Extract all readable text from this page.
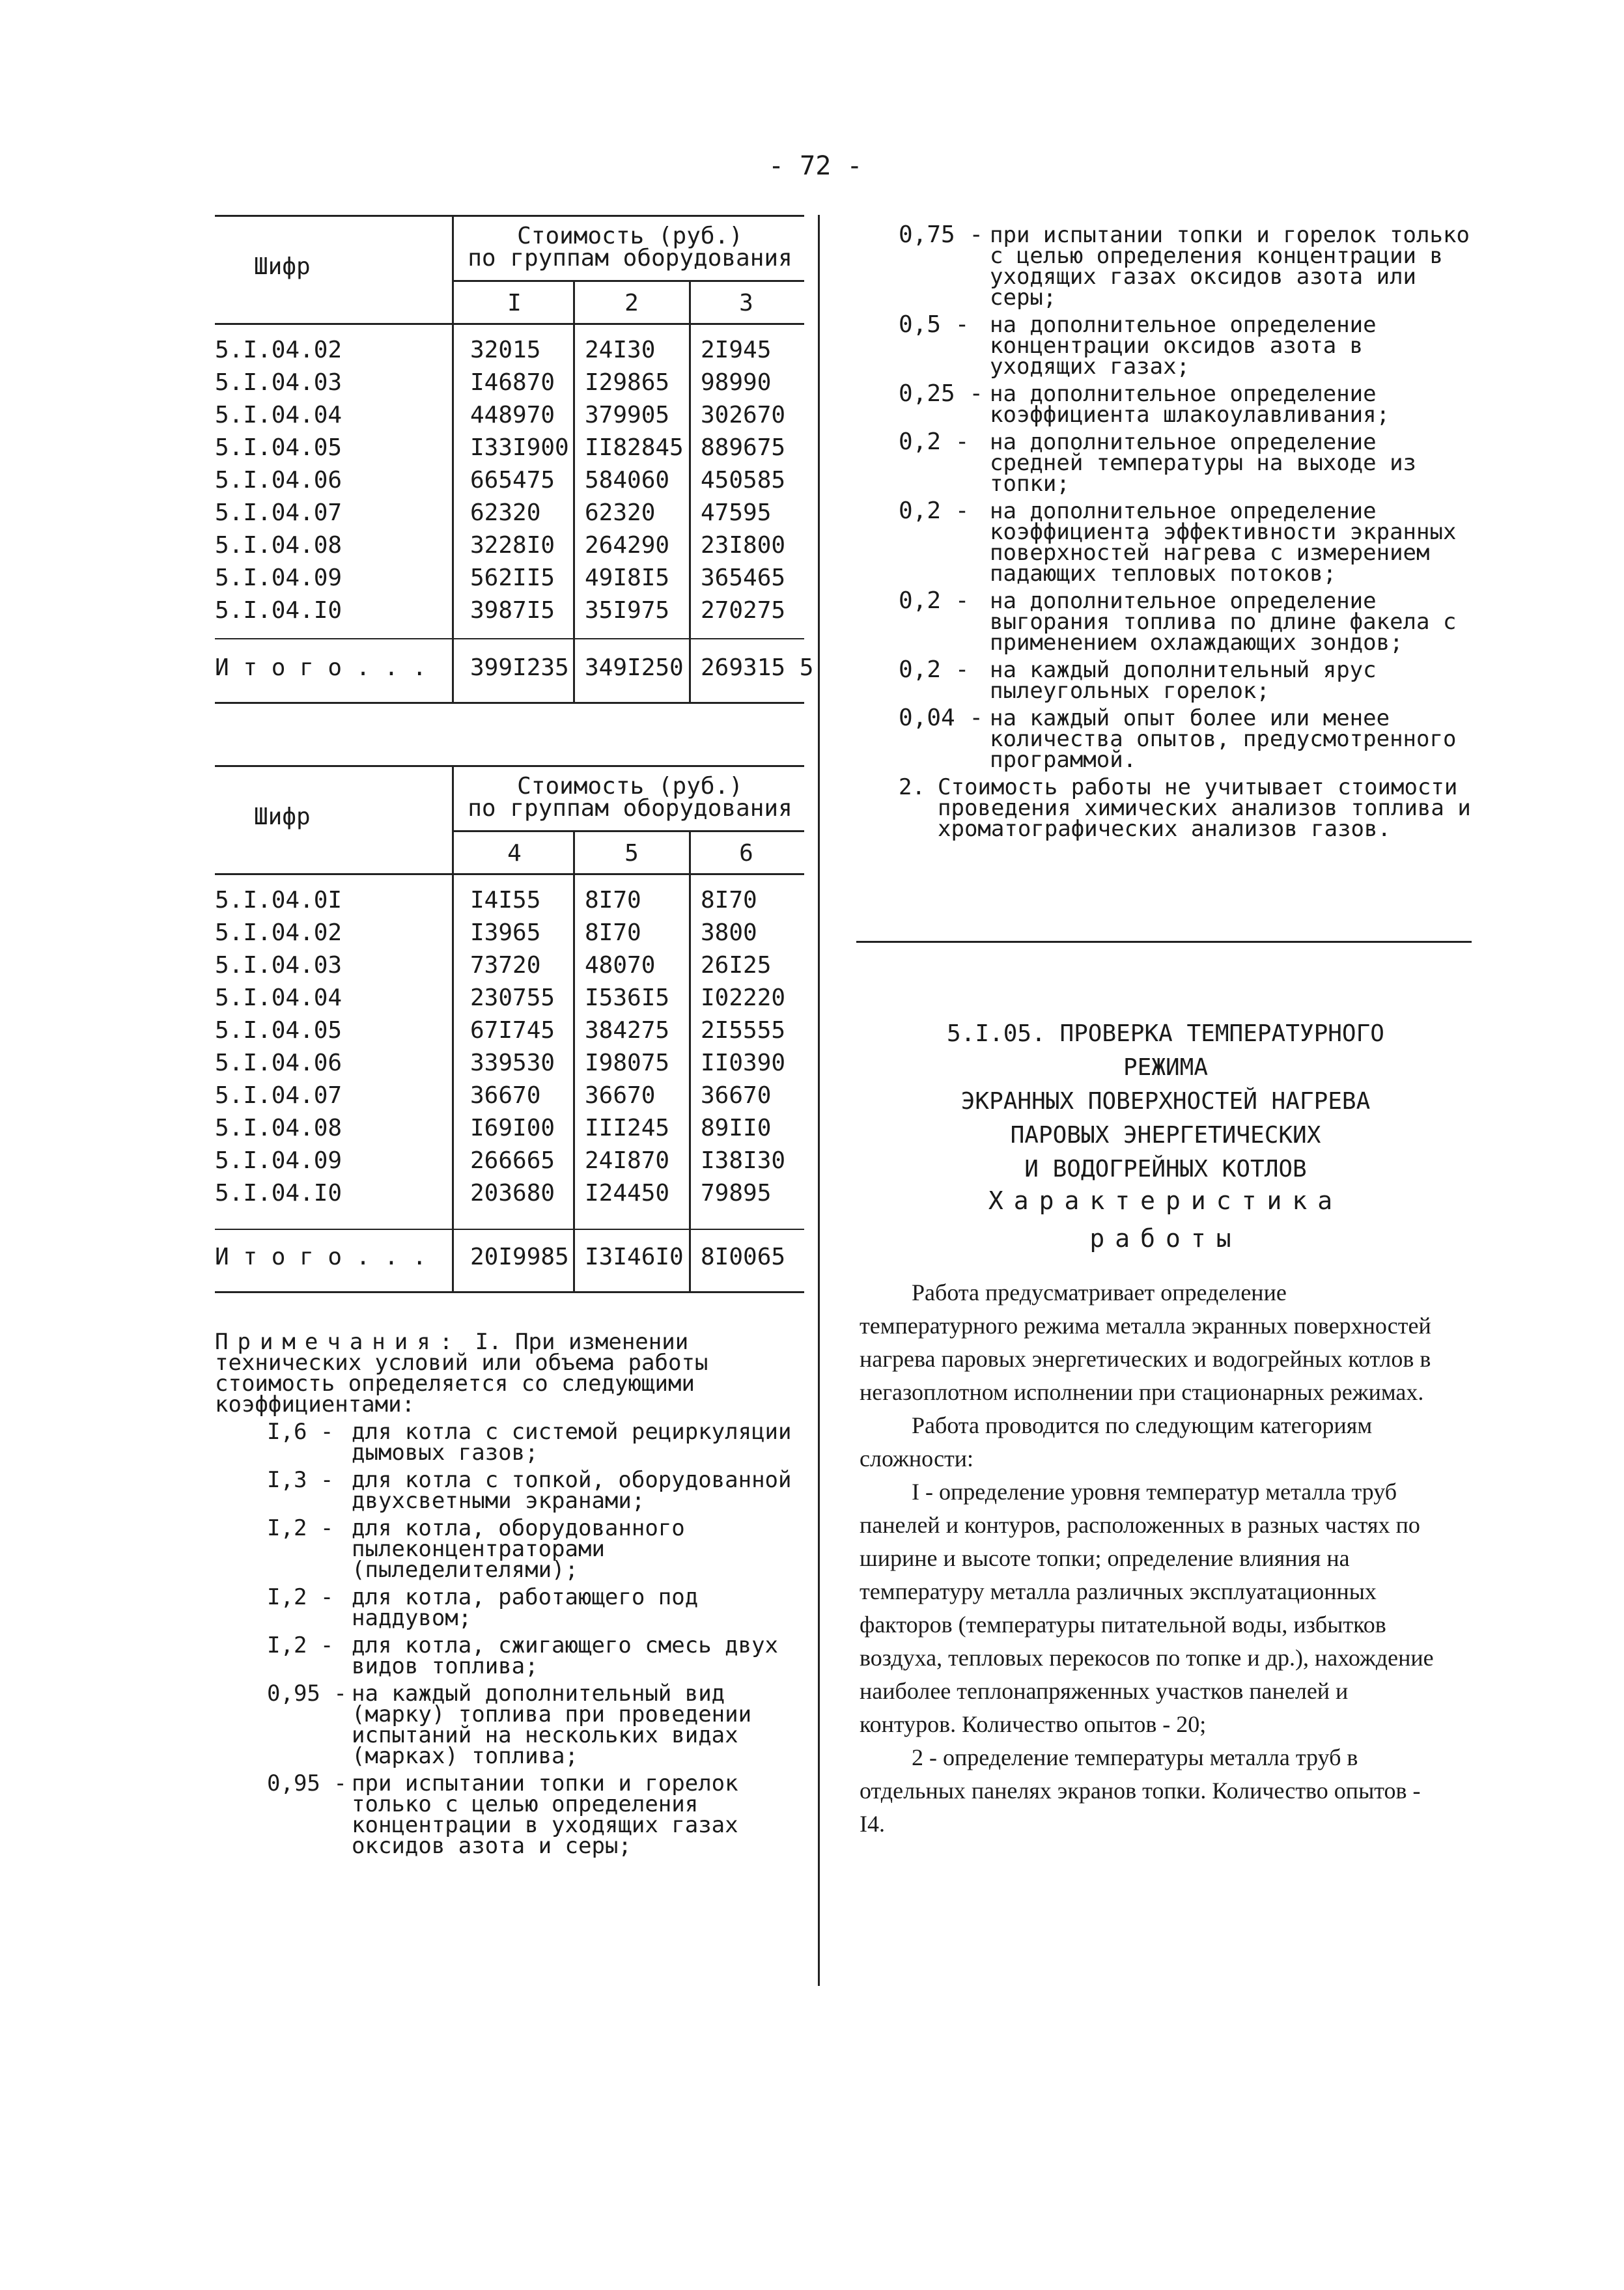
- 72 -
Шифр
Стоимость (руб.)
по группам оборудования
I	2	3
5.I.04.02	32015 24I30 2I945
5.I.04.03	I46870 I29865 98990
5.I.04.04	448970 379905 302670
5.I.04.05	I33I900 II82845 889675
5.I.04.06	665475 584060 450585
5.I.04.07	62320 62320 47595
5.I.04.08	3228I0 264290 23I800
5.I.04.09	562II5 49I8I5 365465
5.I.04.I0	3987I5 35I975 270275
И т о г о . . . 399I235 349I250 269315 5
Шифр
Стоимость (руб.)
по группам оборудования
4	5	6
5.I.04.0I	I4I55 8I70	8I70
5.I.04.02	I3965 8I70	3800
5.I.04.03	73720 48070 26I25
5.I.04.04	230755 I536I5 I02220
5.I.04.05	67I745 384275 2I5555
5.I.04.06	339530 I98075 II0390
5.I.04.07	36670 36670 36670
5.I.04.08	I69I00 III245 89II0
5.I.04.09	266665 24I870 I38I30
5.I.04.I0	203680 I24450 79895
И т о г о . . . 20I9985 I3I46I0 8I0065
Примечания: I. При изменении технических условий или объема работы стоимость определяется со следующими коэффициентами:
I,6 - для котла с системой рециркуляции дымовых газов;
I,3 - для котла с топкой, оборудованной двухсветными экранами;
I,2 - для котла, оборудованного пылеконцентраторами (пыледелителями);
I,2 - для котла, работающего под наддувом;
I,2 - для котла, сжигающего смесь двух видов топлива;
0,95 - на каждый дополнительный вид (марку) топлива при проведении испытаний на нескольких видах (марках) топлива;
0,95 - при испытании топки и горелок только с целью определения концентрации в уходящих газах оксидов азота и серы;
0,75 - при испытании топки и горелок только с целью определения концентрации в уходящих газах оксидов азота или серы;
0,5 - на дополнительное определение концентрации оксидов азота в уходящих газах;
0,25 - на дополнительное определение коэффициента шлакоулавливания;
0,2 - на дополнительное определение средней температуры на выходе из топки;
0,2 - на дополнительное определение коэффициента эффективности экранных поверхностей нагрева с измерением падающих тепловых потоков;
0,2 - на дополнительное определение выгорания топлива по длине факела с применением охлаждающих зондов;
0,2 - на каждый дополнительный ярус пылеугольных горелок;
0,04 - на каждый опыт более или менее количества опытов, предусмотренного программой.
2. Стоимость работы не учитывает стоимости проведения химических анализов топлива и хроматографических анализов газов.
5.I.05. ПРОВЕРКА ТЕМПЕРАТУРНОГО РЕЖИМА
ЭКРАННЫХ ПОВЕРХНОСТЕЙ НАГРЕВА
ПАРОВЫХ ЭНЕРГЕТИЧЕСКИХ
И ВОДОГРЕЙНЫХ КОТЛОВ
Характеристика
работы

Работа предусматривает определение температурного режима металла экранных поверхностей нагрева паровых энергетических и водогрейных котлов в негазоплотном исполнении при стационарных режимах.

Работа проводится по следующим категориям сложности:

I - определение уровня температур металла труб панелей и контуров, расположенных в разных частях по ширине и высоте топки; определение влияния на температуру металла различных эксплуатационных факторов (температуры питательной воды, избытков воздуха, тепловых перекосов по топке и др.), нахождение наиболее теплонапряженных участков панелей и контуров. Количество опытов - 20;

2 - определение температуры металла труб в отдельных панелях экранов топки. Количество опытов - I4.
